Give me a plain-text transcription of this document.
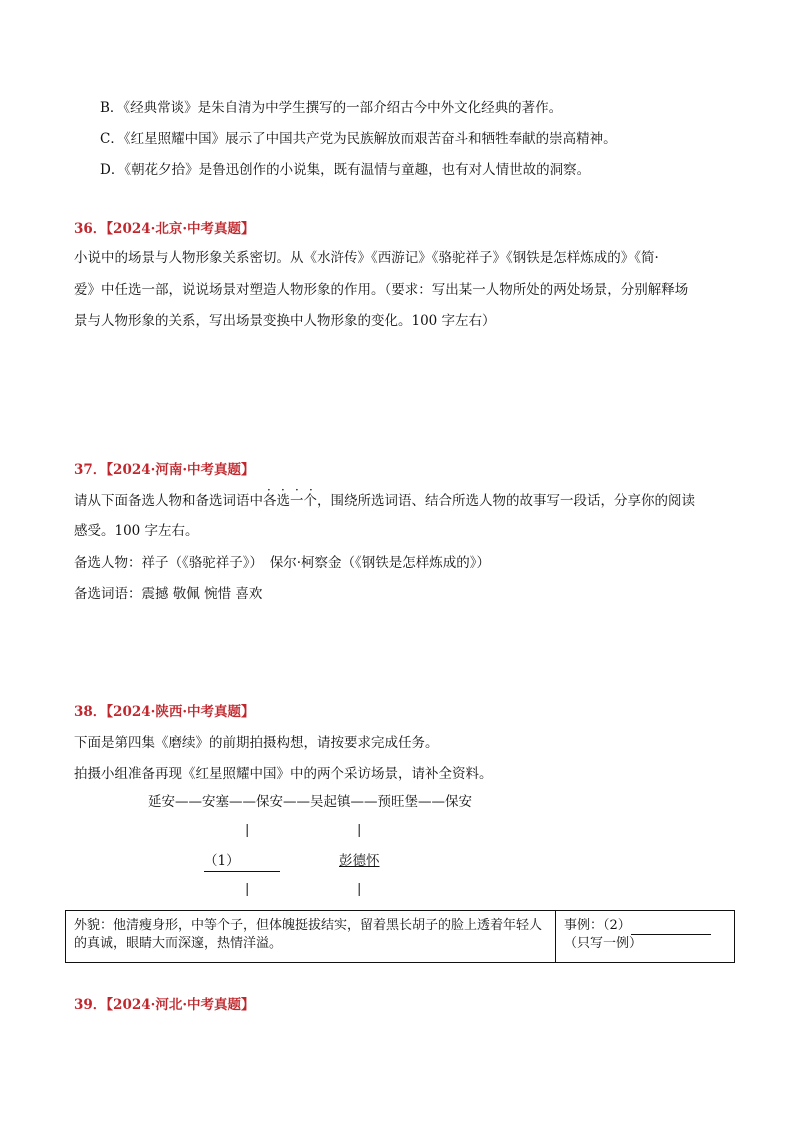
B．《经典常谈》是朱自清为中学生撰写的一部介绍古今中外文化经典的著作。
C．《红星照耀中国》展示了中国共产党为民族解放而艰苦奋斗和牺牲奉献的崇高精神。
D．《朝花夕拾》是鲁迅创作的小说集，既有温情与童趣，也有对人情世故的洞察。
36．【2024·北京·中考真题】
小说中的场景与人物形象关系密切。从《水浒传》《西游记》《骆驼祥子》《钢铁是怎样炼成的》《简·
爱》中任选一部，说说场景对塑造人物形象的作用。（要求：写出某一人物所处的两处场景，分别解释场
景与人物形象的关系，写出场景变换中人物形象的变化。100 字左右）
37．【2024·河南·中考真题】
请从下面备选人物和备选词语中各选一个
· · · ·
，围绕所选词语、结合所选人物的故事写一段话，分享你的阅读
感受。100 字左右。
备选人物：祥子（《骆驼祥子》）　保尔·柯察金（《钢铁是怎样炼成的》）
备选词语：震撼 敬佩 惋惜 喜欢
38．【2024·陕西·中考真题】
下面是第四集《磨续》的前期拍摄构想，请按要求完成任务。
拍摄小组准备再现《红星照耀中国》中的两个采访场景，请补全资料。
延安——安塞——保安——吴起镇——预旺堡——保安
|	|
（1）	彭德怀
|	|
外貌：他清瘦身形，中等个子，但体魄挺拔结实，留着黑长胡子的脸上透着年轻人的真诚，眼睛大而深邃，热情洋溢。
事例：（2）
（只写一例）
39．【2024·河北·中考真题】
